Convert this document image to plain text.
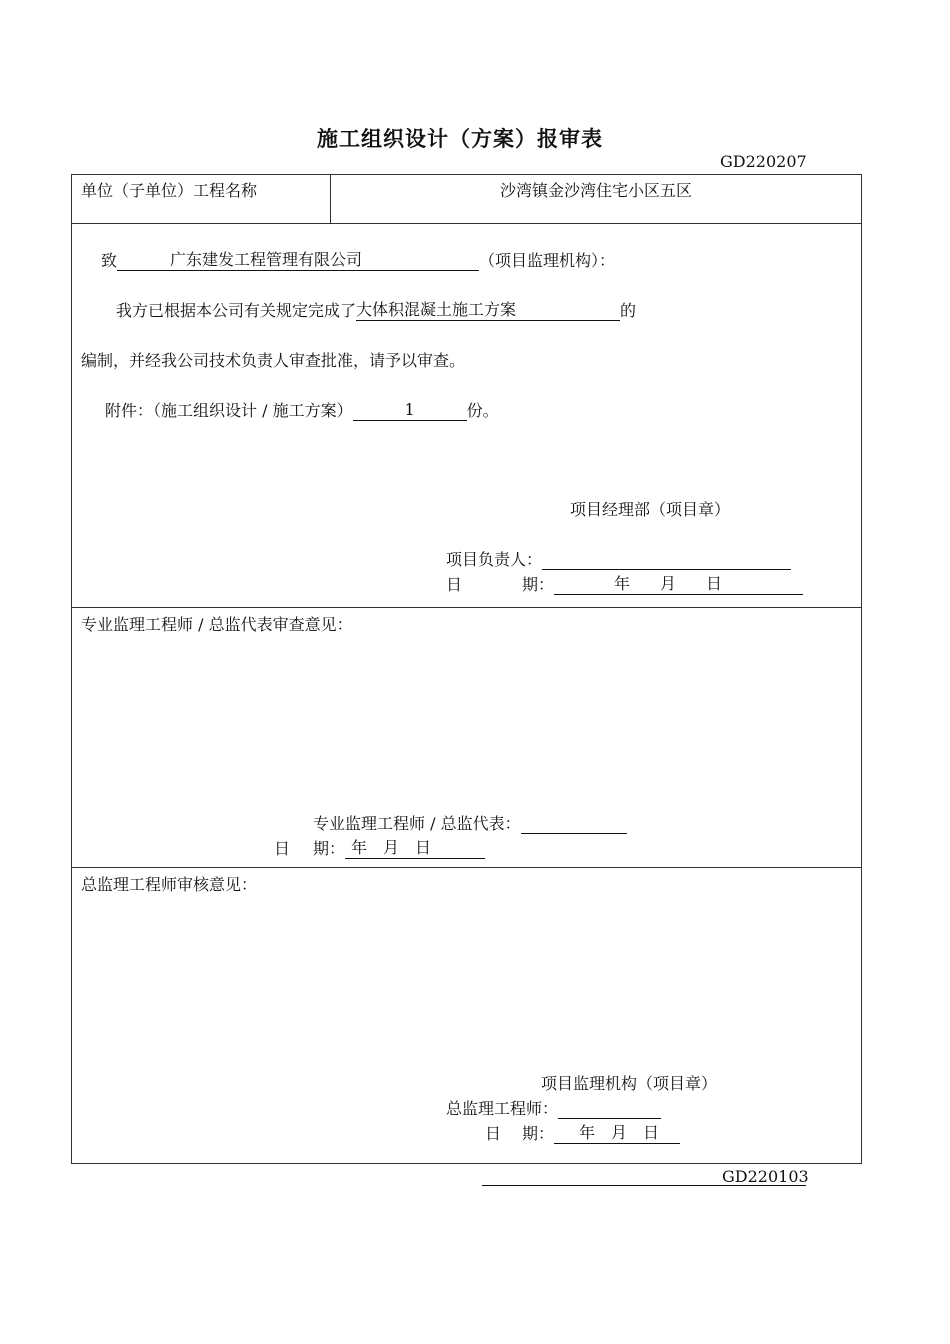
施工组织设计（方案）报审表
GD220207
单位（子单位）工程名称	沙湾镇金沙湾住宅小区五区
致	广东建发工程管理有限公司	（项目监理机构）：
我方已根据本公司有关规定完成了大体积混凝土施工方案	的
编制，并经我公司技术负责人审查批准，请予以审查。
附件：（施工组织设计 / 施工方案）	1	份。
项目经理部（项目章）
项目负责人：
日	期：	年 月 日
专业监理工程师 / 总监代表审查意见：
专业监理工程师 / 总监代表：
日 期： 年 月 日
总监理工程师审核意见：
项目监理机构（项目章）
总监理工程师：
日 期： 年 月 日
GD220103
